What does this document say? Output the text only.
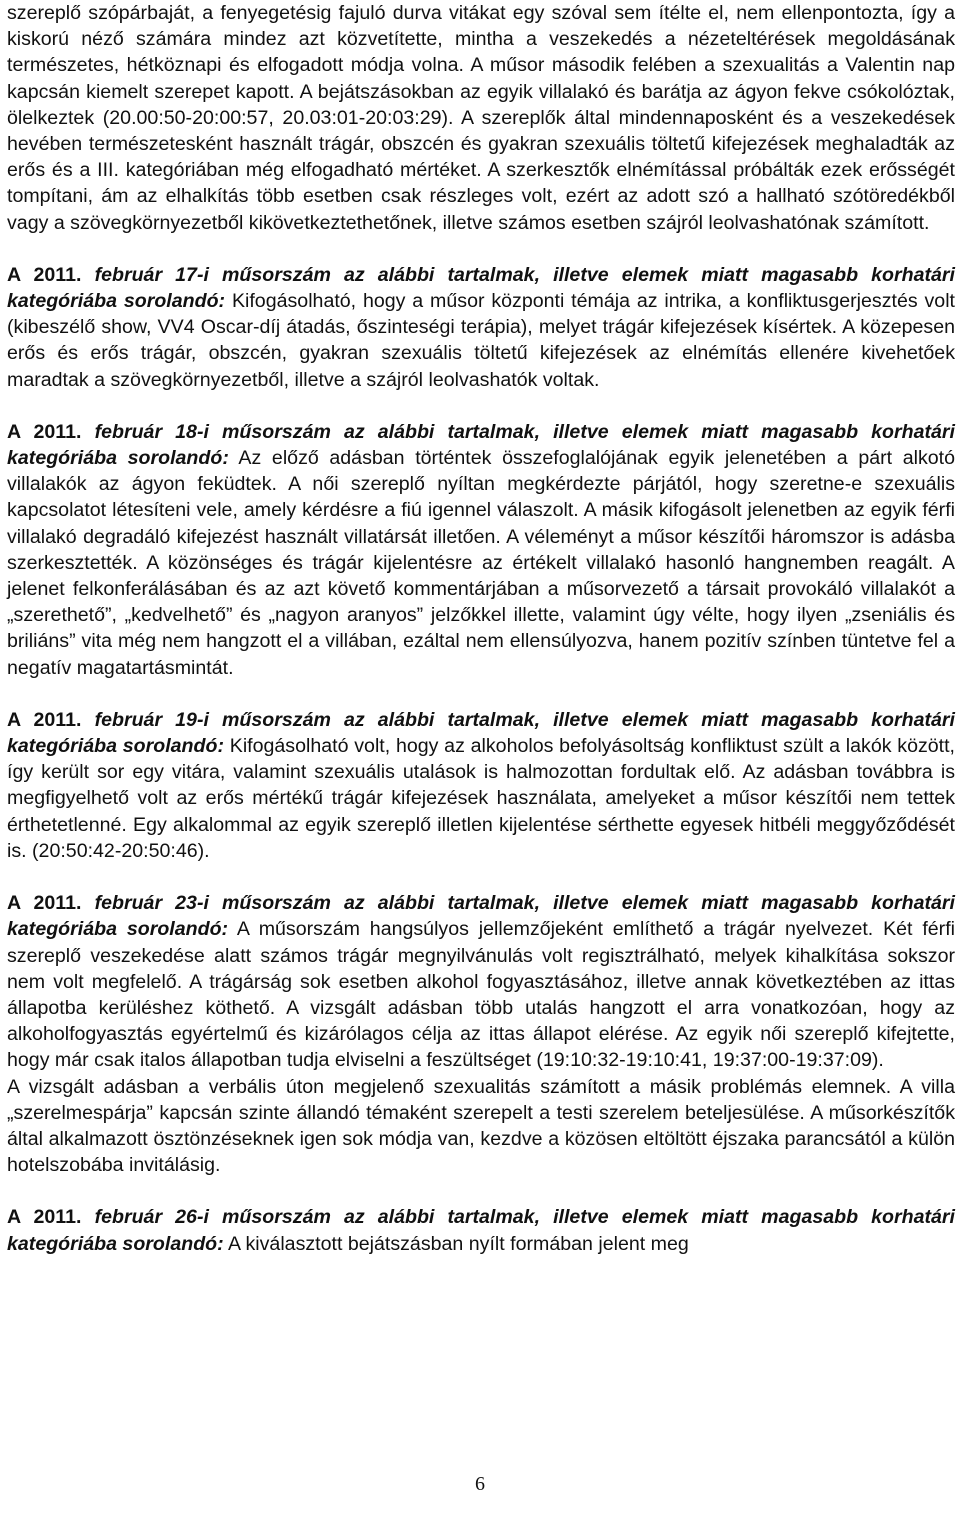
szereplő szópárbaját, a fenyegetésig fajuló durva vitákat egy szóval sem ítélte el, nem ellenpontozta, így a kiskorú néző számára mindez azt közvetítette, mintha a veszekedés a nézeteltérések megoldásának természetes, hétköznapi és elfogadott módja volna. A műsor második felében a szexualitás a Valentin nap kapcsán kiemelt szerepet kapott. A bejátszásokban az egyik villalakó és barátja az ágyon fekve csókolóztak, ölelkeztek (20.00:50-20:00:57, 20.03:01-20:03:29). A szereplők által mindennaposként és a veszekedések hevében természetesként használt trágár, obszcén és gyakran szexuális töltetű kifejezések meghaladták az erős és a III. kategóriában még elfogadható mértéket. A szerkesztők elnémítással próbálták ezek erősségét tompítani, ám az elhalkítás több esetben csak részleges volt, ezért az adott szó a hallható szótöredékből vagy a szövegkörnyezetből kikövetkeztethetőnek, illetve számos esetben szájról leolvashatónak számított.

A 2011. február 17-i műsorszám az alábbi tartalmak, illetve elemek miatt magasabb korhatári kategóriába sorolandó: Kifogásolható, hogy a műsor központi témája az intrika, a konfliktusgerjesztés volt (kibeszélő show, VV4 Oscar-díj átadás, őszinteségi terápia), melyet trágár kifejezések kísértek. A közepesen erős és erős trágár, obszcén, gyakran szexuális töltetű kifejezések az elnémítás ellenére kivehetőek maradtak a szövegkörnyezetből, illetve a szájról leolvashatók voltak.

A 2011. február 18-i műsorszám az alábbi tartalmak, illetve elemek miatt magasabb korhatári kategóriába sorolandó: Az előző adásban történtek összefoglalójának egyik jelenetében a párt alkotó villalakók az ágyon feküdtek. A női szereplő nyíltan megkérdezte párjától, hogy szeretne-e szexuális kapcsolatot létesíteni vele, amely kérdésre a fiú igennel válaszolt. A másik kifogásolt jelenetben az egyik férfi villalakó degradáló kifejezést használt villatársát illetően. A véleményt a műsor készítői háromszor is adásba szerkesztették. A közönséges és trágár kijelentésre az értékelt villalakó hasonló hangnemben reagált. A jelenet felkonferálásában és az azt követő kommentárjában a műsorvezető a társait provokáló villalakót a „szerethető”, „kedvelhető” és „nagyon aranyos” jelzőkkel illette, valamint úgy vélte, hogy ilyen „zseniális és briliáns” vita még nem hangzott el a villában, ezáltal nem ellensúlyozva, hanem pozitív színben tüntetve fel a negatív magatartásmintát.

A 2011. február 19-i műsorszám az alábbi tartalmak, illetve elemek miatt magasabb korhatári kategóriába sorolandó: Kifogásolható volt, hogy az alkoholos befolyásoltság konfliktust szült a lakók között, így került sor egy vitára, valamint szexuális utalások is halmozottan fordultak elő. Az adásban továbbra is megfigyelhető volt az erős mértékű trágár kifejezések használata, amelyeket a műsor készítői nem tettek érthetetlenné. Egy alkalommal az egyik szereplő illetlen kijelentése sérthette egyesek hitbéli meggyőződését is. (20:50:42-20:50:46).

A 2011. február 23-i műsorszám az alábbi tartalmak, illetve elemek miatt magasabb korhatári kategóriába sorolandó: A műsorszám hangsúlyos jellemzőjeként említhető a trágár nyelvezet. Két férfi szereplő veszekedése alatt számos trágár megnyilvánulás volt regisztrálható, melyek kihalkítása sokszor nem volt megfelelő. A trágárság sok esetben alkohol fogyasztásához, illetve annak következtében az ittas állapotba kerüléshez köthető. A vizsgált adásban több utalás hangzott el arra vonatkozóan, hogy az alkoholfogyasztás egyértelmű és kizárólagos célja az ittas állapot elérése. Az egyik női szereplő kifejtette, hogy már csak italos állapotban tudja elviselni a feszültséget (19:10:32-19:10:41, 19:37:00-19:37:09).

A vizsgált adásban a verbális úton megjelenő szexualitás számított a másik problémás elemnek. A villa „szerelmespárja” kapcsán szinte állandó témaként szerepelt a testi szerelem beteljesülése. A műsorkészítők által alkalmazott ösztönzéseknek igen sok módja van, kezdve a közösen eltöltött éjszaka parancsától a külön hotelszobába invitálásig.

A 2011. február 26-i műsorszám az alábbi tartalmak, illetve elemek miatt magasabb korhatári kategóriába sorolandó: A kiválasztott bejátszásban nyílt formában jelent meg

6
